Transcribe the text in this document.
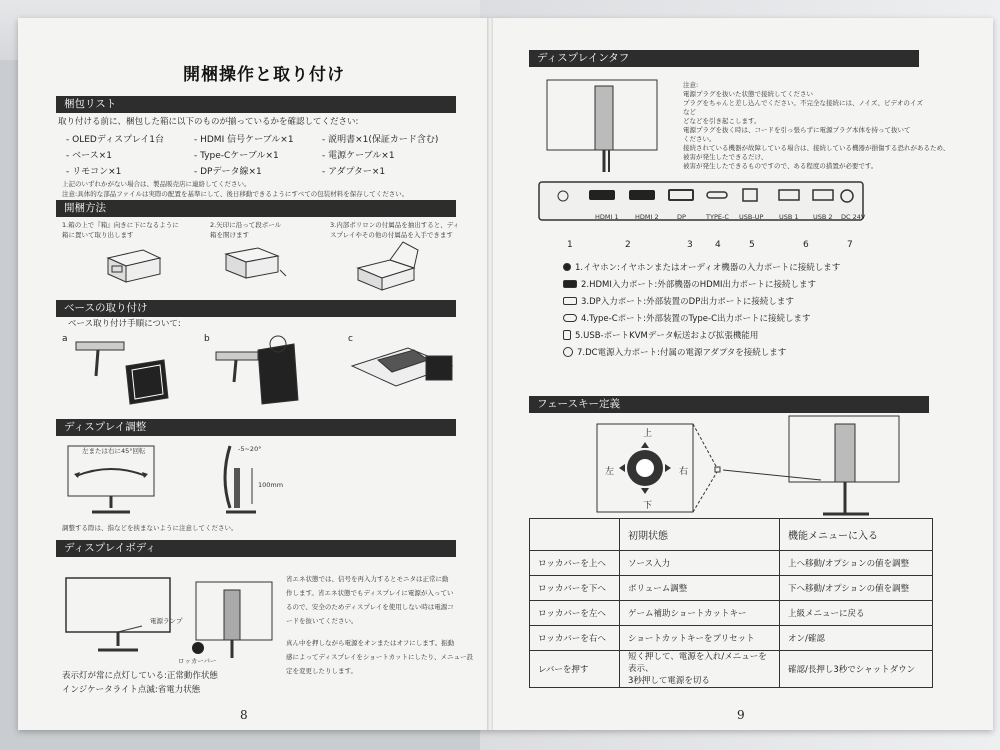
開梱操作と取り付け
梱包リスト
取り付ける前に、梱包した箱に以下のものが揃っているかを確認してください:
- OLEDディスプレイ1台	- HDMI 信号ケーブル×1	- 説明書×1(保証カード含む)
- ベース×1	- Type-Cケーブル×1	- 電源ケーブル×1
- リモコン×1	- DPデータ線×1	- アダプター×1
上記のいずれかがない場合は、製品販売店に連絡してください。
注意:具体的な部品ファイルは実際の配置を基準にして、後日移動できるようにすべての包装材料を保存してください。
開梱方法
1.箱の上で『箱』向きに下になるように
箱に置いて取り出します
2.矢印に沿って段ボール
箱を開けます
3.内部ポリロンの付属品を抽出すると、ディ
スプレイやその他の付属品を入手できます
ベースの取り付け
ベース取り付け手順について:
a	b	c
ディスプレイ調整
左または右に45°回転	-5~20°
100mm
調整する際は、指などを挟まないように注意してください。
ディスプレイボディ
電源ランプ
ロッカーバー
省エネ状態では、信号を再入力するとモニタは正常に動
作します。省エネ状態でもディスプレイに電源が入ってい
るので、安全のためディスプレイを使用しない時は電源コ
ードを抜いてください。
真ん中を押しながら電源をオンまたはオフにします。振動
感によってディスプレイをショートカットにしたり、メニュー設
定を変更したりします。
表示灯が常に点灯している:正常動作状態
インジケータライト点滅:省電力状態
8
ディスプレインタフ
注意:
電源プラグを抜いた状態で接続してください
プラグをちゃんと差し込んでください。不完全な接続には、ノイズ、ビデオのイズ
など
どなどを引き起こします。
電源プラグを抜く時は、コードを引っ張らずに電源プラグ本体を持って抜いて
ください。
接続されている機器が故障している場合は、接続している機器が損傷する恐れがあるため、
被害が発生したできるだけ、
被害が発生したできるものですので、ある程度の措置が必要です。
HDMI 1	HDMI 2	DP	TYPE-C USB-UP USB 1 USB 2 DC 24V
1	2	3 4	5	6	7
1.イヤホン:イヤホンまたはオーディオ機器の入力ポートに接続します
2.HDMI入力ポート:外部機器のHDMI出力ポートに接続します
3.DP入力ポート:外部装置のDP出力ポートに接続します
4.Type-Cポート:外部装置のType-C出力ポートに接続します
5.USB-ポートKVMデータ転送および拡張機能用
7.DC電源入力ポート:付属の電源アダプタを接続します
フェースキー定義
上
下
左	右
	初期状態	機能メニューに入る
ロッカバーを上へ	ソース入力	上へ移動/オプションの値を調整
ロッカバーを下へ	ボリューム調整	下へ移動/オプションの値を調整
ロッカバーを左へ	ゲーム補助ショートカットキー	上級メニューに戻る
ロッカバーを右へ	ショートカットキーをプリセット	オン/確認
レバーを押す	短く押して、電源を入れ/メニューを表示、
3秒押して電源を切る	確認/長押し3秒でシャットダウン
9
